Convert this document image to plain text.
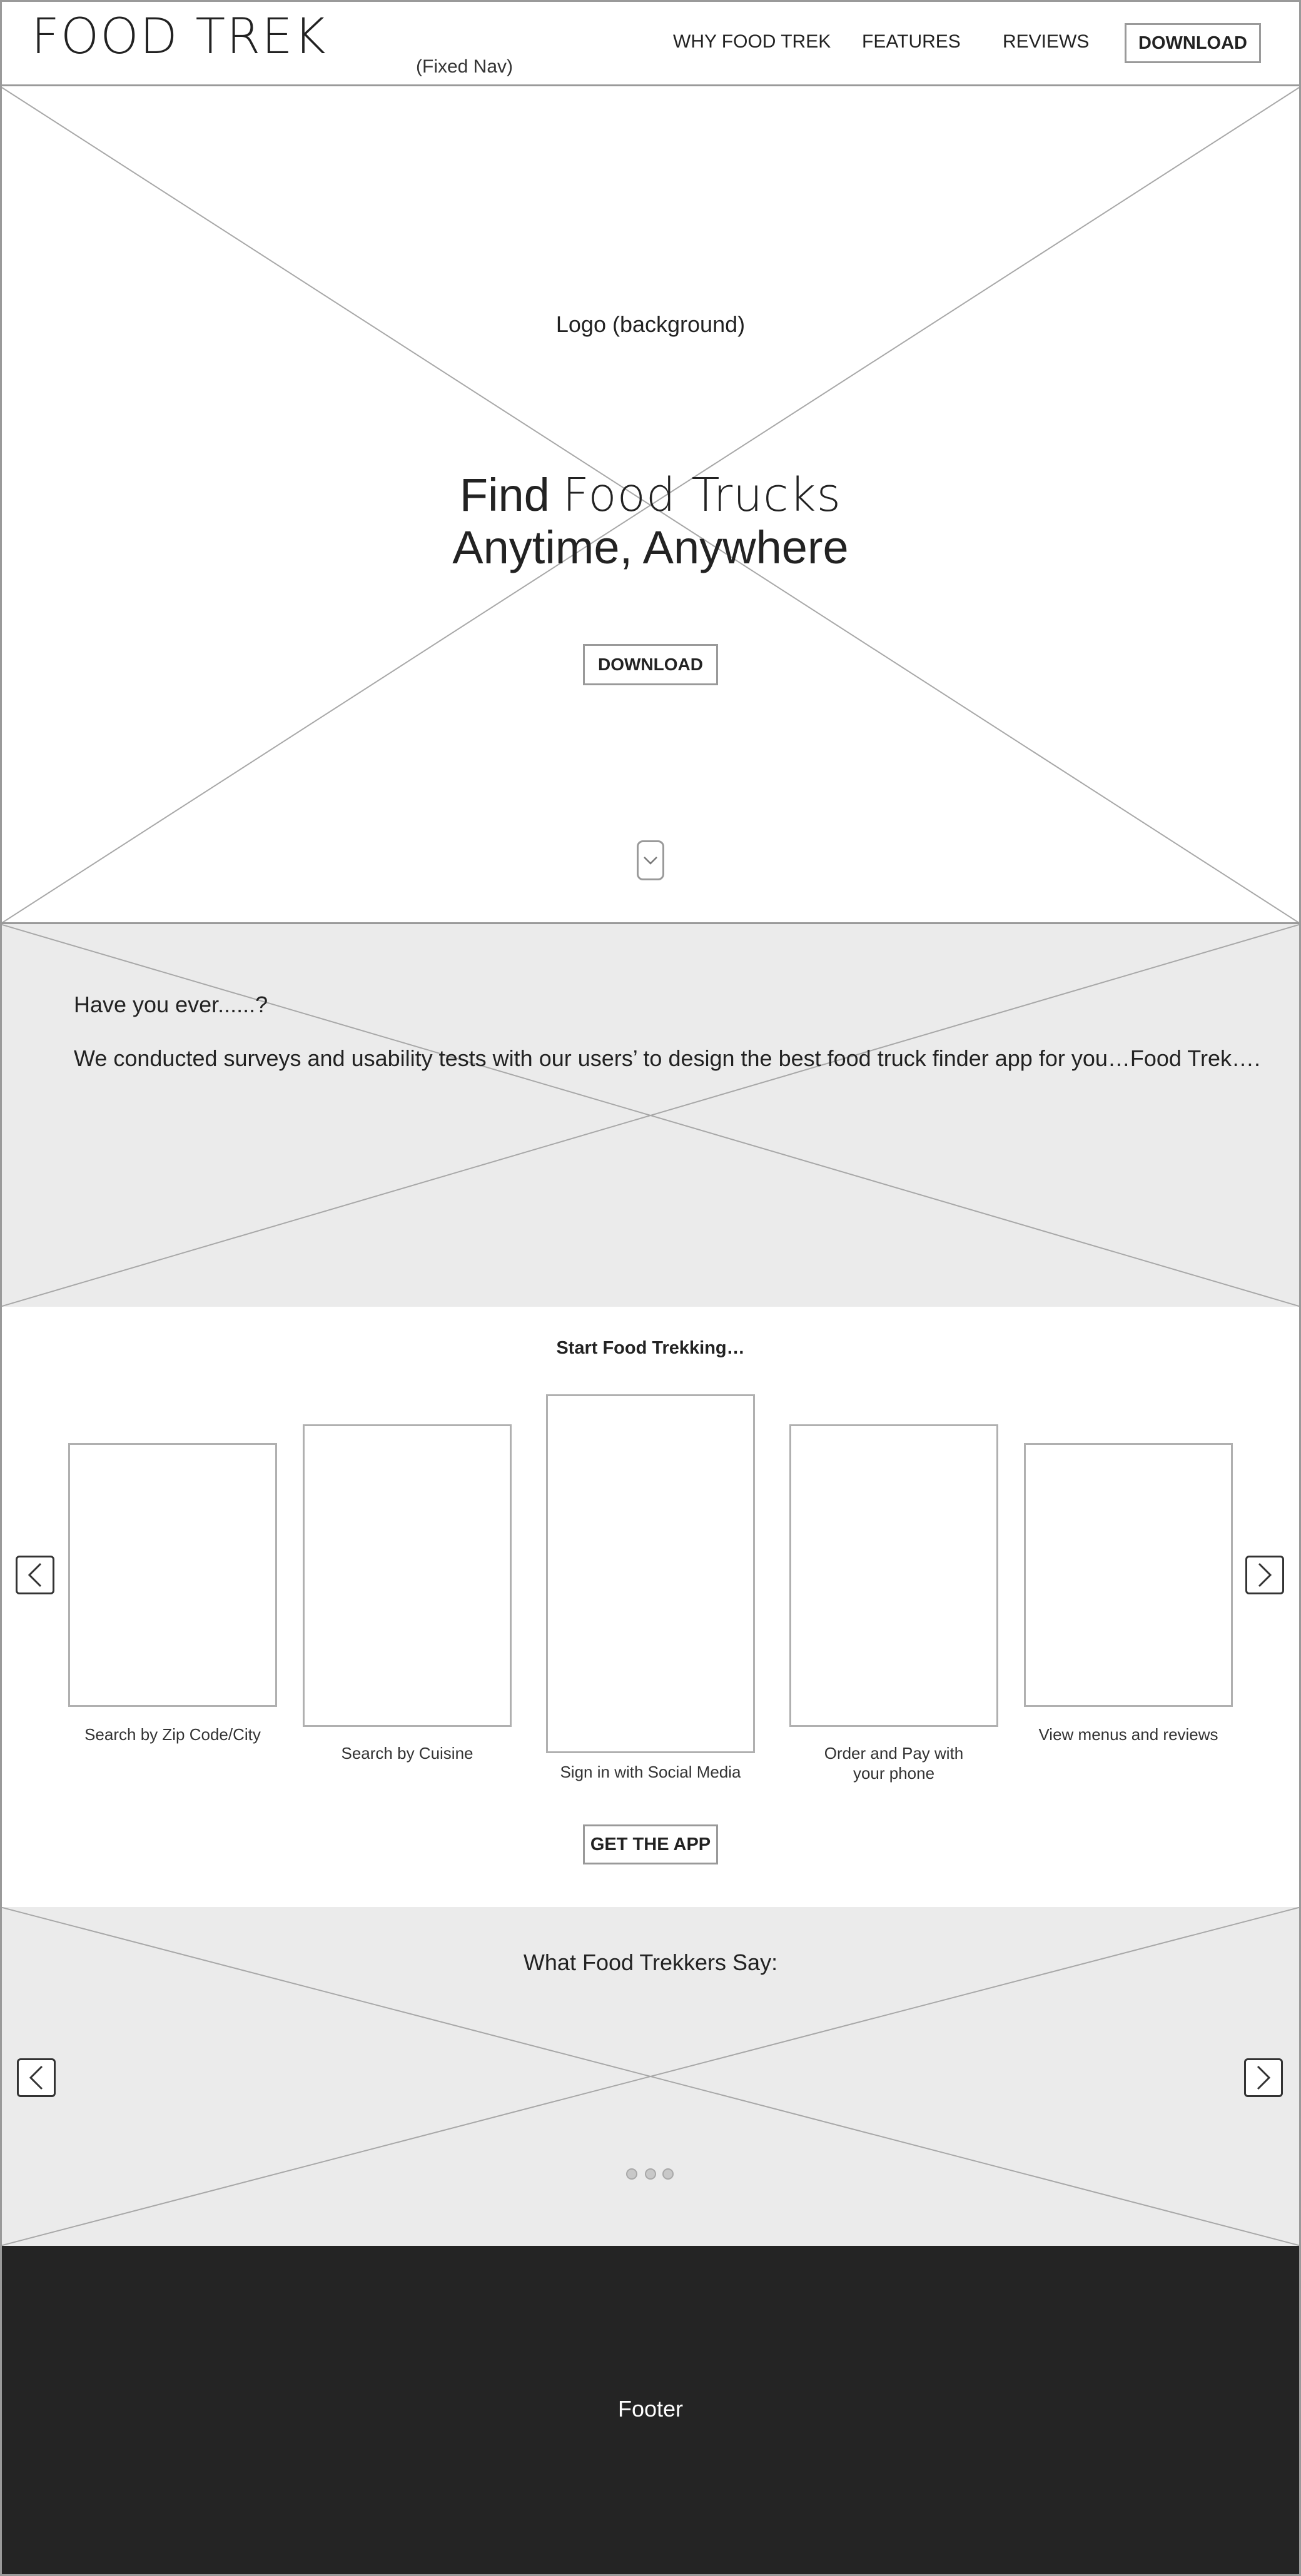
FOOD TREK
(Fixed Nav)
WHY FOOD TREK FEATURES REVIEWS	DOWNLOAD
Logo (background)
Find Food Trucks
Anytime, Anywhere
DOWNLOAD
Have you ever......?
We conducted surveys and usability tests with our users’ to design the best food truck finder app for you…Food Trek….
Start Food Trekking…
Search by Zip Code/City
Search by Cuisine
Sign in with Social Media
Order and Pay with your phone
View menus and reviews
GET THE APP
What Food Trekkers Say:
Footer
